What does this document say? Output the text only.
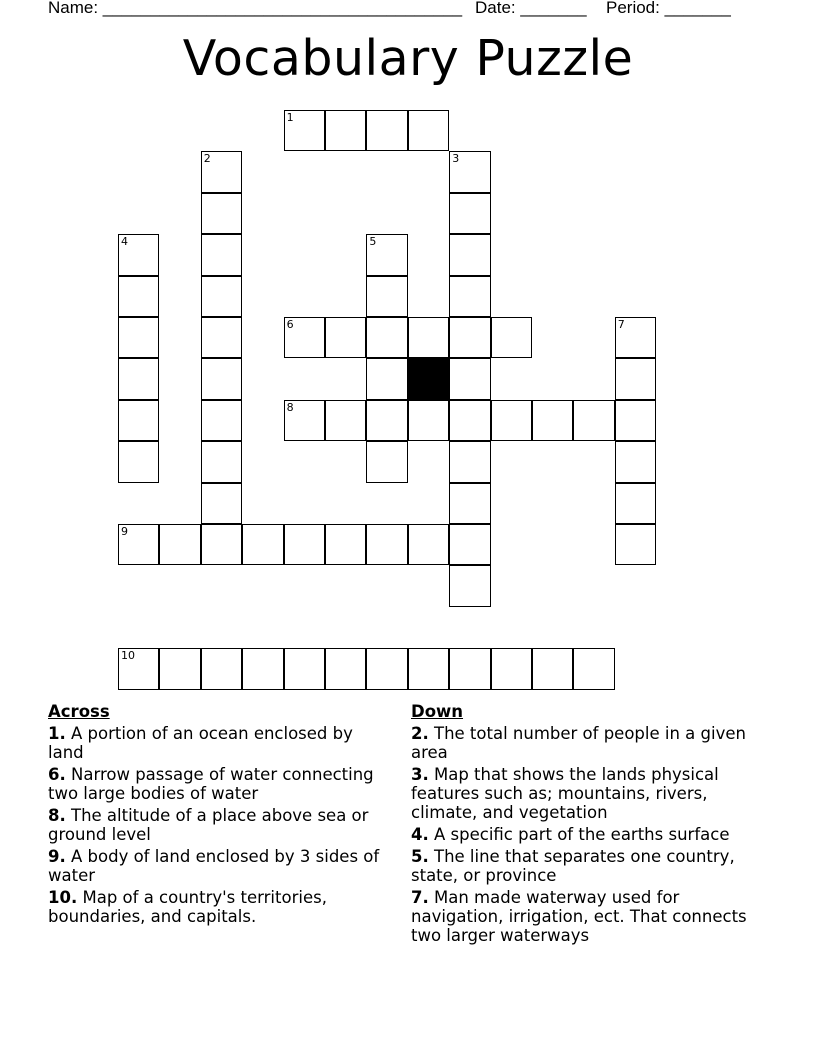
Name: ______________________________________ Date: _______ Period: _______
Vocabulary Puzzle
1
2	3
4	5
6	7
8
9
10
Across
1. A portion of an ocean enclosed by land
6. Narrow passage of water connecting two large bodies of water
8. The altitude of a place above sea or ground level
9. A body of land enclosed by 3 sides of water
10. Map of a country's territories, boundaries, and capitals.
Down
2. The total number of people in a given area
3. Map that shows the lands physical features such as; mountains, rivers, climate, and vegetation
4. A specific part of the earths surface
5. The line that separates one country, state, or province
7. Man made waterway used for navigation, irrigation, ect. That connects two larger waterways
